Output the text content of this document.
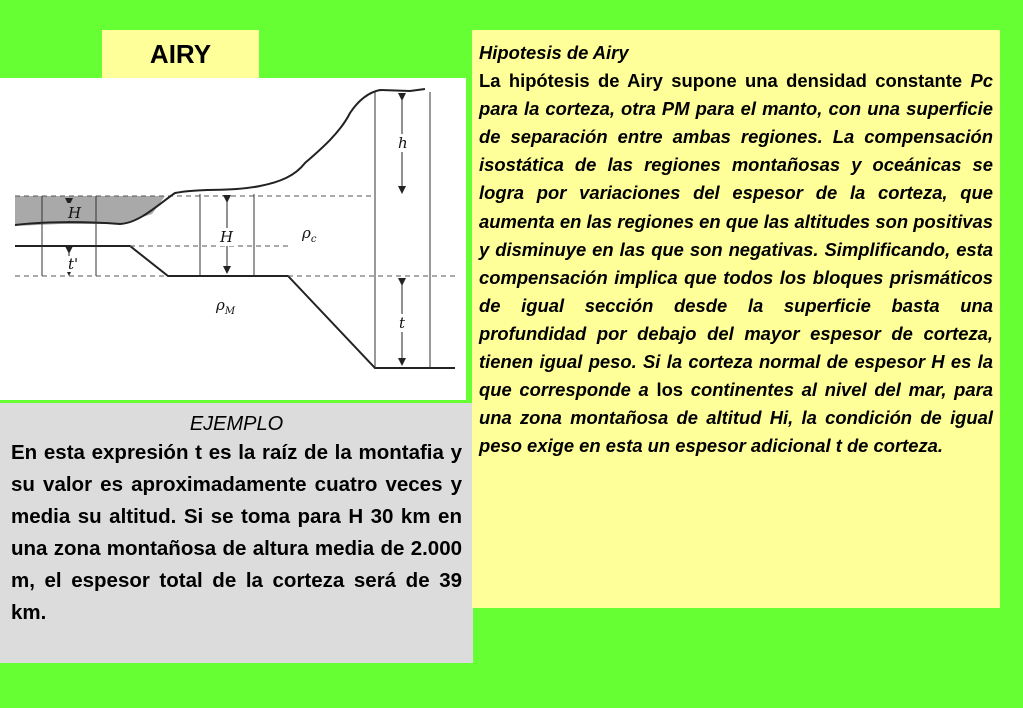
AIRY
H
t'
H	$\rho_c$
$\rho_M$
h
t
EJEMPLO
En esta expresión t es la raíz de la montafia y su valor es aproximadamente cuatro veces y media su altitud. Si se toma para H 30 km en una zona montañosa de altura media de 2.000 m, el espesor total de la corteza será de 39 km.
Hipotesis de Airy
La hipótesis de Airy supone una densidad constante Pc para la corteza, otra PM para el manto, con una superficie de separación entre ambas regiones. La compensación isostática de las regiones montañosas y oceánicas se logra por variaciones del espesor de la corteza, que aumenta en las regiones en que las altitudes son positivas y disminuye en las que son negativas. Simplificando, esta compensación implica que todos los bloques prismáticos de igual sección desde la superficie basta una profundidad por debajo del mayor espesor de corteza, tienen igual peso. Si la corteza normal de espesor H es la que corresponde a los continentes al nivel del mar, para una zona montañosa de altitud Hi, la condición de igual peso exige en esta un espesor adicional t de corteza.
